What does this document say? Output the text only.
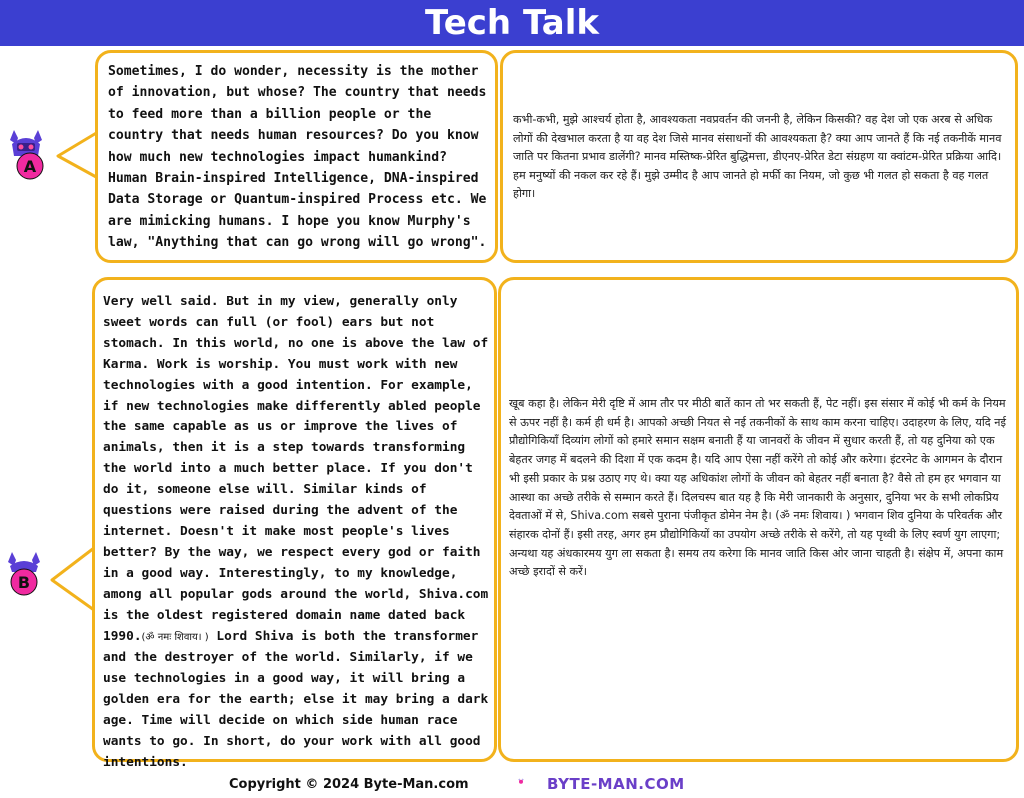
Tech Talk
A
Sometimes, I do wonder, necessity is the mother of innovation, but whose? The country that needs to feed more than a billion people or the country that needs human resources? Do you know how much new technologies impact humankind? Human Brain-inspired Intelligence, DNA-inspired Data Storage or Quantum-inspired Process etc. We are mimicking humans. I hope you know Murphy's law, "Anything that can go wrong will go wrong".
कभी-कभी, मुझे आश्चर्य होता है, आवश्यकता नवप्रवर्तन की जननी है, लेकिन किसकी? वह देश जो एक अरब से अधिक लोगों की देखभाल करता है या वह देश जिसे मानव संसाधनों की आवश्यकता है? क्या आप जानते हैं कि नई तकनीकें मानव जाति पर कितना प्रभाव डालेंगी? मानव मस्तिष्क-प्रेरित बुद्धिमत्ता, डीएनए-प्रेरित डेटा संग्रहण या क्वांटम-प्रेरित प्रक्रिया आदि। हम मनुष्यों की नकल कर रहे हैं। मुझे उम्मीद है आप जानते हो मर्फी का नियम, जो कुछ भी गलत हो सकता है वह गलत होगा।
B
Very well said. But in my view, generally only sweet words can full (or fool) ears but not stomach. In this world, no one is above the law of Karma. Work is worship. You must work with new technologies with a good intention. For example, if new technologies make differently abled people the same capable as us or improve the lives of animals, then it is a step towards transforming the world into a much better place. If you don't do it, someone else will. Similar kinds of questions were raised during the advent of the internet. Doesn't it make most people's lives better? By the way, we respect every god or faith in a good way. Interestingly, to my knowledge, among all popular gods around the world, Shiva.com is the oldest registered domain name dated back 1990.(ॐ नमः शिवाय। ) Lord Shiva is both the transformer and the destroyer of the world. Similarly, if we use technologies in a good way, it will bring a golden era for the earth; else it may bring a dark age. Time will decide on which side human race wants to go. In short, do your work with all good intentions.
खूब कहा है। लेकिन मेरी दृष्टि में आम तौर पर मीठी बातें कान तो भर सकती हैं, पेट नहीं। इस संसार में कोई भी कर्म के नियम से ऊपर नहीं है। कर्म ही धर्म है। आपको अच्छी नियत से नई तकनीकों के साथ काम करना चाहिए। उदाहरण के लिए, यदि नई प्रौद्योगिकियाँ दिव्यांग लोगों को हमारे समान सक्षम बनाती हैं या जानवरों के जीवन में सुधार करती हैं, तो यह दुनिया को एक बेहतर जगह में बदलने की दिशा में एक कदम है। यदि आप ऐसा नहीं करेंगे तो कोई और करेगा। इंटरनेट के आगमन के दौरान भी इसी प्रकार के प्रश्न उठाए गए थे। क्या यह अधिकांश लोगों के जीवन को बेहतर नहीं बनाता है? वैसे तो हम हर भगवान या आस्था का अच्छे तरीके से सम्मान करते हैं। दिलचस्प बात यह है कि मेरी जानकारी के अनुसार, दुनिया भर के सभी लोकप्रिय देवताओं में से, Shiva.com सबसे पुराना पंजीकृत डोमेन नेम है। (ॐ नमः शिवाय। ) भगवान शिव दुनिया के परिवर्तक और संहारक दोनों हैं। इसी तरह, अगर हम प्रौद्योगिकियों का उपयोग अच्छे तरीके से करेंगे, तो यह पृथ्वी के लिए स्वर्ण युग लाएगा; अन्यथा यह अंधकारमय युग ला सकता है। समय तय करेगा कि मानव जाति किस ओर जाना चाहती है। संक्षेप में, अपना काम अच्छे इरादों से करें।
Copyright © 2024 Byte-Man.com	BYTE-MAN.COM
